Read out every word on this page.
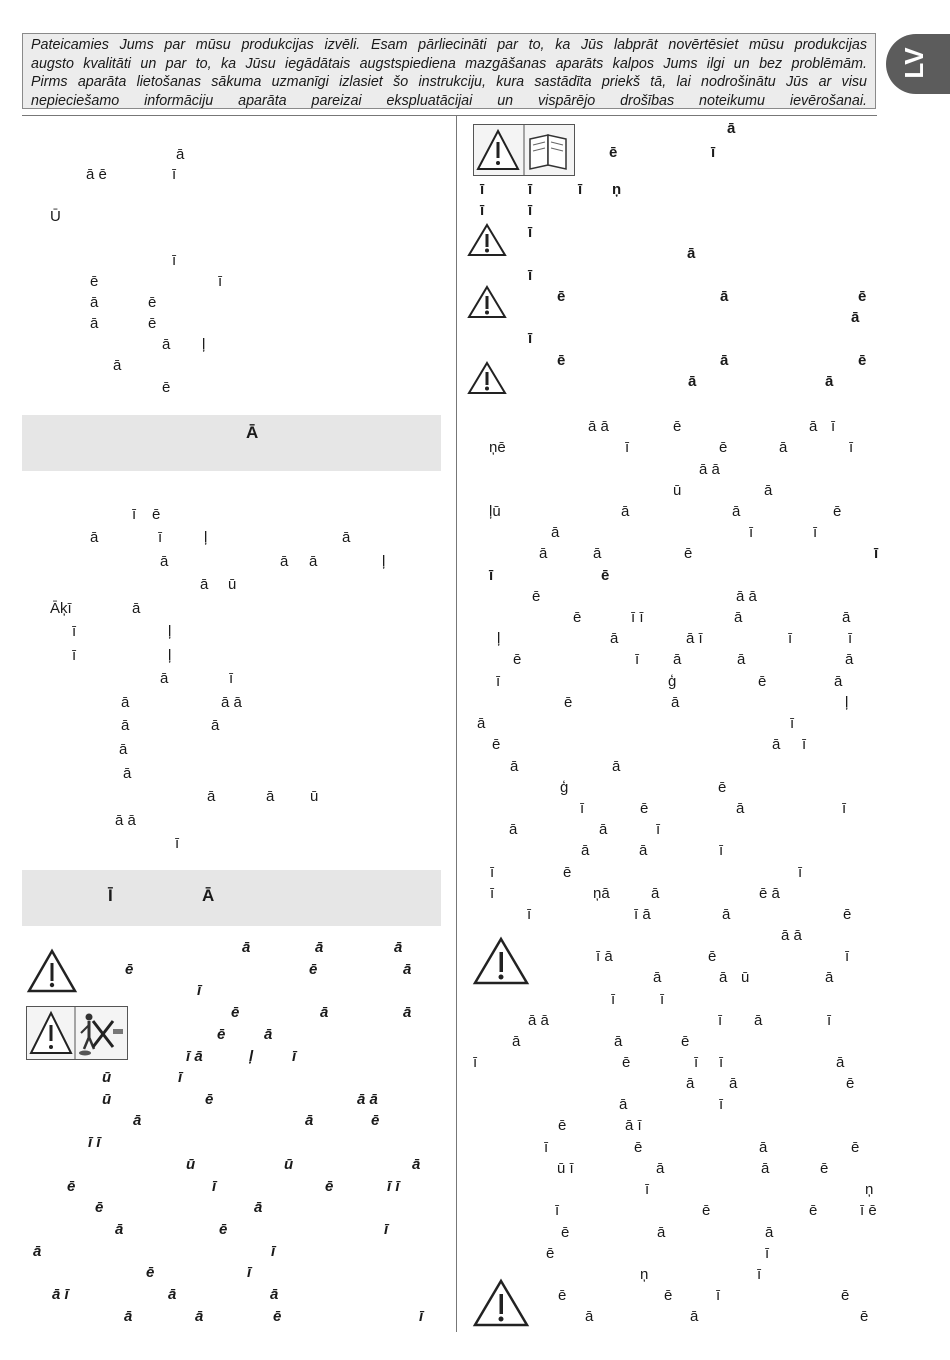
Pateicamies Jums par mūsu produkcijas izvēli. Esam pārliecināti par to, ka Jūs labprāt novērtēsiet mūsu produkcijas

augsto kvalitāti un par to, ka Jūsu iegādātais augstspiediena mazgāšanas aparāts kalpos Jums ilgi un bez problēmām.

Pirms aparāta lietošanas sākuma uzmanīgi izlasiet šo instrukciju, kura sastādīta priekš tā, lai nodrošinātu Jūs ar visu

nepieciešamo informāciju aparāta pareizai ekspluatācijai un vispārējo drošības noteikumu ievērošanai.

LV
Ā
Ī	Ā
ā
ā ē	ī
Ū
ī
ē	ī
ā	ē
ā	ē
ā ļ
ā
ē
ī ē
ā	ī	ļ	ā
ā	ā ā	ļ
ā ū
Āķī	ā
ī	ļ
ī	ļ
ā	ī
ā	ā ā
ā	ā
ā
ā
ā	ā ū
ā ā
ī
ā	ā	ā
ē	ē	ā
ī
ē	ā	ā
ē	ā
ī ā	ļ	ī
ū	ī
ū	ē	ā ā
ā	ā	ē
ī ī
ū	ū	ā
ē	ī	ē	ī ī
ē	ā
ā	ē	ī
ā	ī
ē	ī
ā ī	ā	ā
ā	ā	ē	ī
ā ā	ē	ā ī
ņē	ī	ē	ā	ī
ā ā
ū	ā
ļū	ā	ā	ē
ā	ī	ī
ā	ā	ē
ē	ā ā
ē	ī ī	ā	ā
ļ	ā	ā ī	ī	ī
ē	ī ā	ā	ā
ī	ģ	ē	ā
ē	ā	ļ
ā	ī
ē	ā ī
ā	ā
ģ	ē
ī	ē	ā	ī
ā	ā	ī
ā	ā	ī
ī	ē	ī
ī	ņā	ā	ē ā
ī	ī ā	ā	ē
ā ā
ī ā	ē	ī
ā	ā ū	ā
ī	ī
ā ā	ī ā	ī
ā	ā	ē
ī	ē	ī ī	ā
ā ā	ē
ā	ī
ē	ā ī
ī	ē	ā	ē
ū ī	ā	ā	ē
ī	ņ
ī	ē	ē	ī ē
ē	ā	ā
ē	ī
ņ	ī
ē	ē	ī	ē
ā	ā	ē
ā
ē	ī
ī	ī	ī ņ
ī	ī
ī
ā
ī
ē	ā	ē
ā
ī
ē	ā	ē
ā	ā
ī
ī	ē
